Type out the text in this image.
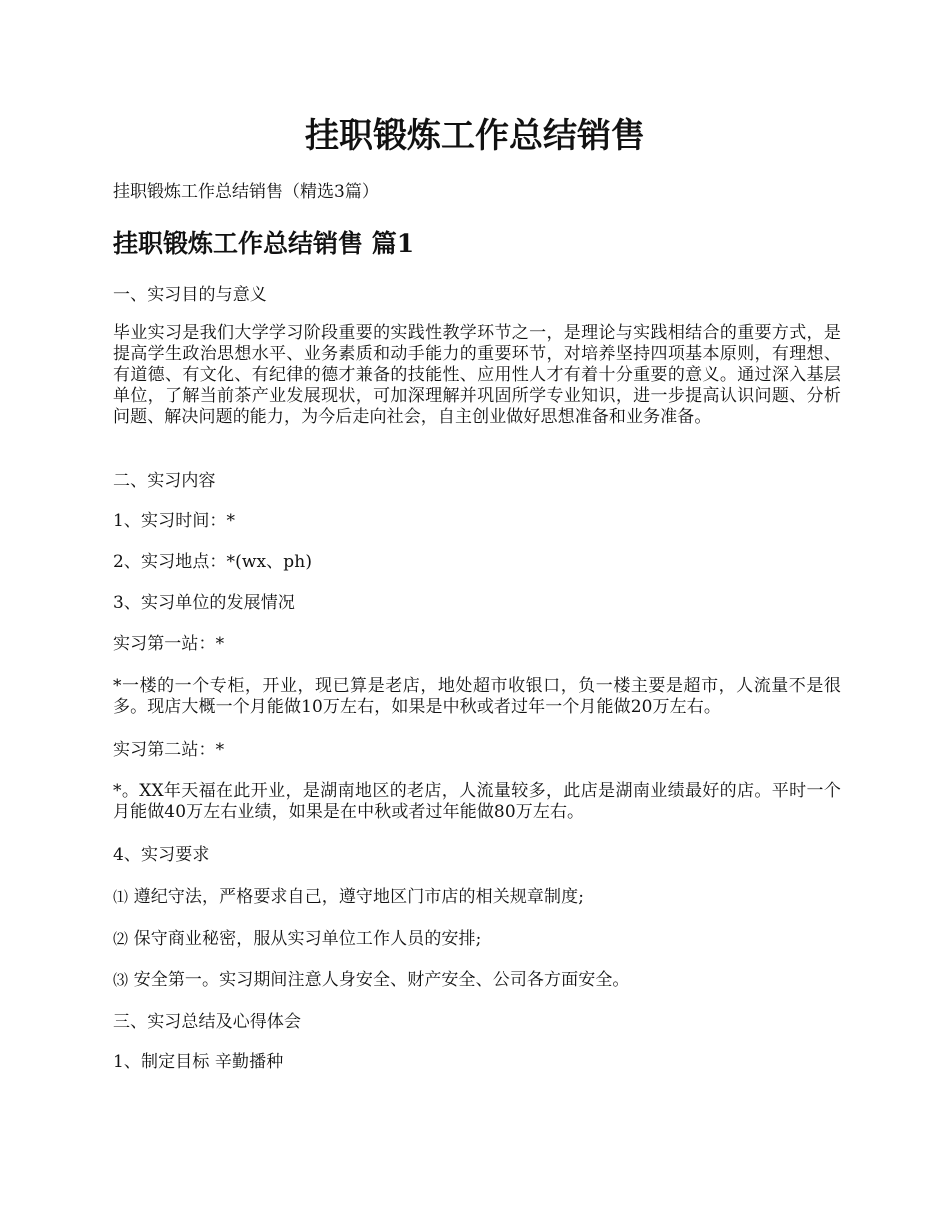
挂职锻炼工作总结销售

挂职锻炼工作总结销售（精选3篇）

挂职锻炼工作总结销售 篇1

一、实习目的与意义

毕业实习是我们大学学习阶段重要的实践性教学环节之一，是理论与实践相结合的重要方式，是提高学生政治思想水平、业务素质和动手能力的重要环节，对培养坚持四项基本原则，有理想、有道德、有文化、有纪律的德才兼备的技能性、应用性人才有着十分重要的意义。通过深入基层单位，了解当前茶产业发展现状，可加深理解并巩固所学专业知识，进一步提高认识问题、分析问题、解决问题的能力，为今后走向社会，自主创业做好思想准备和业务准备。

二、实习内容

1、实习时间：*

2、实习地点：*(wx、ph)

3、实习单位的发展情况

实习第一站：*

*一楼的一个专柜，开业，现已算是老店，地处超市收银口，负一楼主要是超市，人流量不是很多。现店大概一个月能做10万左右，如果是中秋或者过年一个月能做20万左右。

实习第二站：*

*。XX年天福在此开业，是湖南地区的老店，人流量较多，此店是湖南业绩最好的店。平时一个月能做40万左右业绩，如果是在中秋或者过年能做80万左右。

4、实习要求

⑴ 遵纪守法，严格要求自己，遵守地区门市店的相关规章制度;

⑵ 保守商业秘密，服从实习单位工作人员的安排;

⑶ 安全第一。实习期间注意人身安全、财产安全、公司各方面安全。

三、实习总结及心得体会

1、制定目标 辛勤播种
